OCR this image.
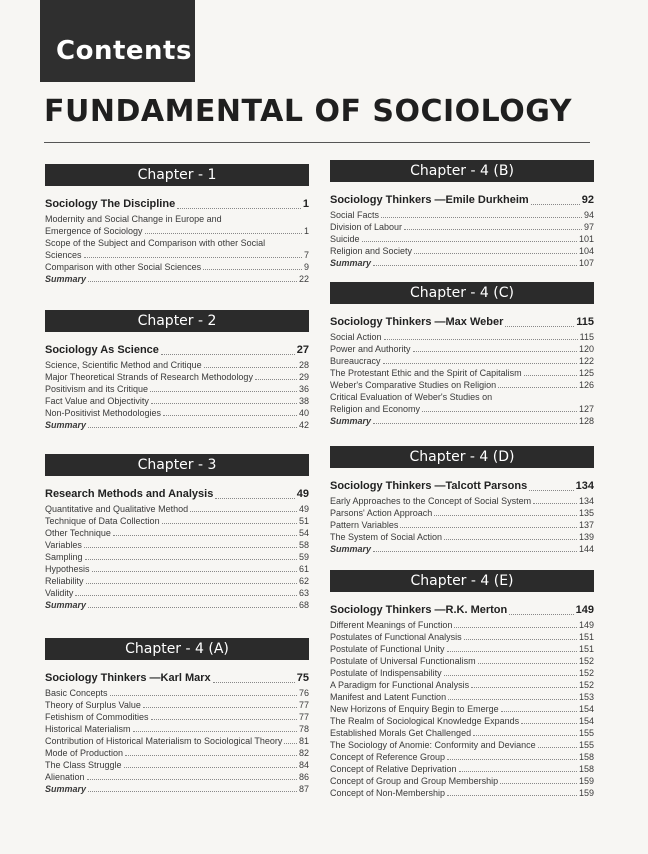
Contents
FUNDAMENTAL OF SOCIOLOGY
Chapter - 1
Sociology The Discipline	1
Modernity and Social Change in Europe and
Emergence of Sociology	1
Scope of the Subject and Comparison with other Social
Sciences	7
Comparison with other Social Sciences	9
Summary	22
Chapter - 2
Sociology As Science	27
Science, Scientific Method and Critique	28
Major Theoretical Strands of Research Methodology	29
Positivism and its Critique	36
Fact Value and Objectivity	38
Non-Positivist Methodologies	40
Summary	42
Chapter - 3
Research Methods and Analysis	49
Quantitative and Qualitative Method	49
Technique of Data Collection	51
Other Technique	54
Variables	58
Sampling	59
Hypothesis	61
Reliability	62
Validity	63
Summary	68
Chapter - 4 (A)
Sociology Thinkers —Karl Marx	75
Basic Concepts	76
Theory of Surplus Value	77
Fetishism of Commodities	77
Historical Materialism	78
Contribution of Historical Materialism to Sociological Theory 81
Mode of Production	82
The Class Struggle	84
Alienation	86
Summary	87
Chapter - 4 (B)
Sociology Thinkers —Emile Durkheim	92
Social Facts	94
Division of Labour	97
Suicide	101
Religion and Society	104
Summary	107
Chapter - 4 (C)
Sociology Thinkers —Max Weber	115
Social Action	115
Power and Authority	120
Bureaucracy	122
The Protestant Ethic and the Spirit of Capitalism	125
Weber's Comparative Studies on Religion	126
Critical Evaluation of Weber's Studies on
Religion and Economy	127
Summary	128
Chapter - 4 (D)
Sociology Thinkers —Talcott Parsons	134
Early Approaches to the Concept of Social System	134
Parsons' Action Approach	135
Pattern Variables	137
The System of Social Action	139
Summary	144
Chapter - 4 (E)
Sociology Thinkers —R.K. Merton	149
Different Meanings of Function	149
Postulates of Functional Analysis	151
Postulate of Functional Unity	151
Postulate of Universal Functionalism	152
Postulate of Indispensability	152
A Paradigm for Functional Analysis	152
Manifest and Latent Function	153
New Horizons of Enquiry Begin to Emerge	154
The Realm of Sociological Knowledge Expands	154
Established Morals Get Challenged	155
The Sociology of Anomie: Conformity and Deviance	155
Concept of Reference Group	158
Concept of Relative Deprivation	158
Concept of Group and Group Membership	159
Concept of Non-Membership	159
